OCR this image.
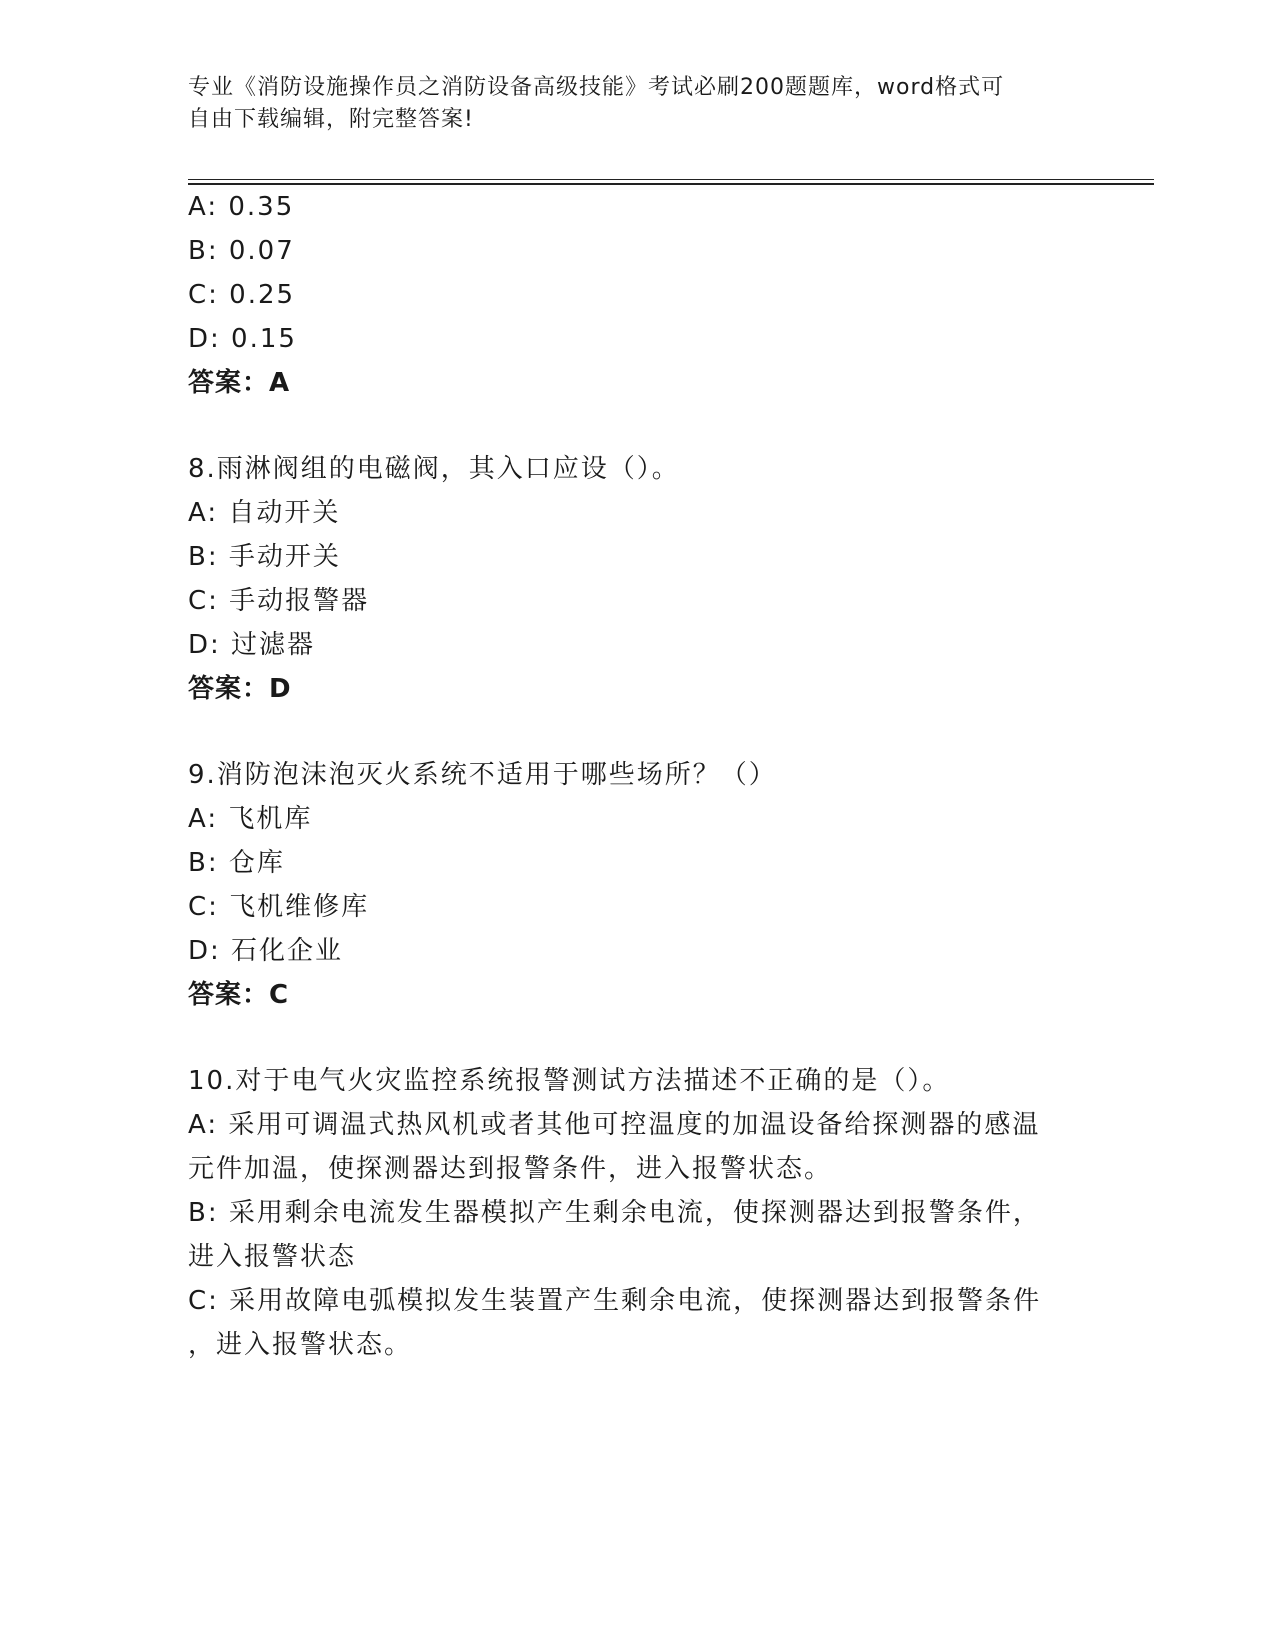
专业《消防设施操作员之消防设备高级技能》考试必刷200题题库，word格式可
自由下载编辑，附完整答案!
A: 0.35
B: 0.07
C: 0.25
D: 0.15
答案：A
8.雨淋阀组的电磁阀，其入口应设（）。
A: 自动开关
B: 手动开关
C: 手动报警器
D: 过滤器
答案：D
9.消防泡沫泡灭火系统不适用于哪些场所？（）
A: 飞机库
B: 仓库
C: 飞机维修库
D: 石化企业
答案：C
10.对于电气火灾监控系统报警测试方法描述不正确的是（）。
A: 采用可调温式热风机或者其他可控温度的加温设备给探测器的感温
元件加温，使探测器达到报警条件，进入报警状态。
B: 采用剩余电流发生器模拟产生剩余电流，使探测器达到报警条件，
进入报警状态
C: 采用故障电弧模拟发生装置产生剩余电流，使探测器达到报警条件
，进入报警状态。
